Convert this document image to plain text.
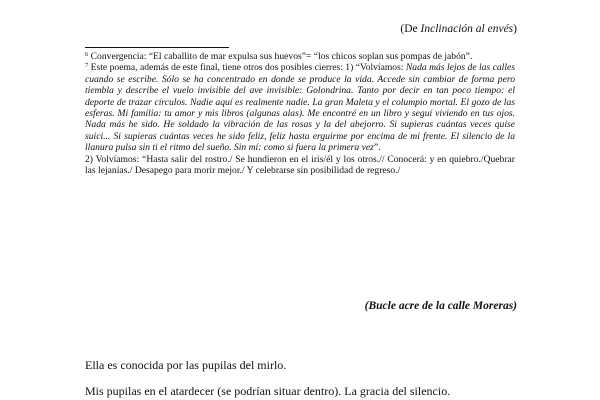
(De Inclinación al envés)

$^6$ Convergencia: “El caballito de mar expulsa sus huevos”= “los chicos soplan sus pompas de jabón”.

$^7$ Este poema, además de este final, tiene otros dos posibles cierres: 1) “Volvíamos: Nada más lejos de las calles cuando se escribe. Sólo se ha concentrado en donde se produce la vida. Accede sin cambiar de forma pero tiembla y describe el vuelo invisible del ave invisible: Golondrina. Tanto por decir en tan poco tiempo: el deporte de trazar círculos. Nadie aquí es realmente nadie. La gran Maleta y el columpio mortal. El gozo de las esferas. Mi familia: tu amor y mis libros (algunas alas). Me encontré en un libro y seguí viviendo en tus ojos. Nada más he sido. He soldado la vibración de las rosas y la del abejorro. Si supieras cuántas veces quise suici... Si supieras cuántas veces he sido feliz, feliz hasta erguirme por encima de mi frente. El silencio de la llanura pulsa sin ti el ritmo del sueño. Sin mí: como si fuera la primera vez”.

2) Volvíamos: “Hasta salir del rostro./ Se hundieron en el iris/él y los otros.// Conocerá: y en quiebro./Quebrar las lejanías./ Desapego para morir mejor./ Y celebrarse sin posibilidad de regreso./

(Bucle acre de la calle Moreras)
Ella es conocida por las pupilas del mirlo.
Mis pupilas en el atardecer (se podrían situar dentro). La gracia del silencio.
